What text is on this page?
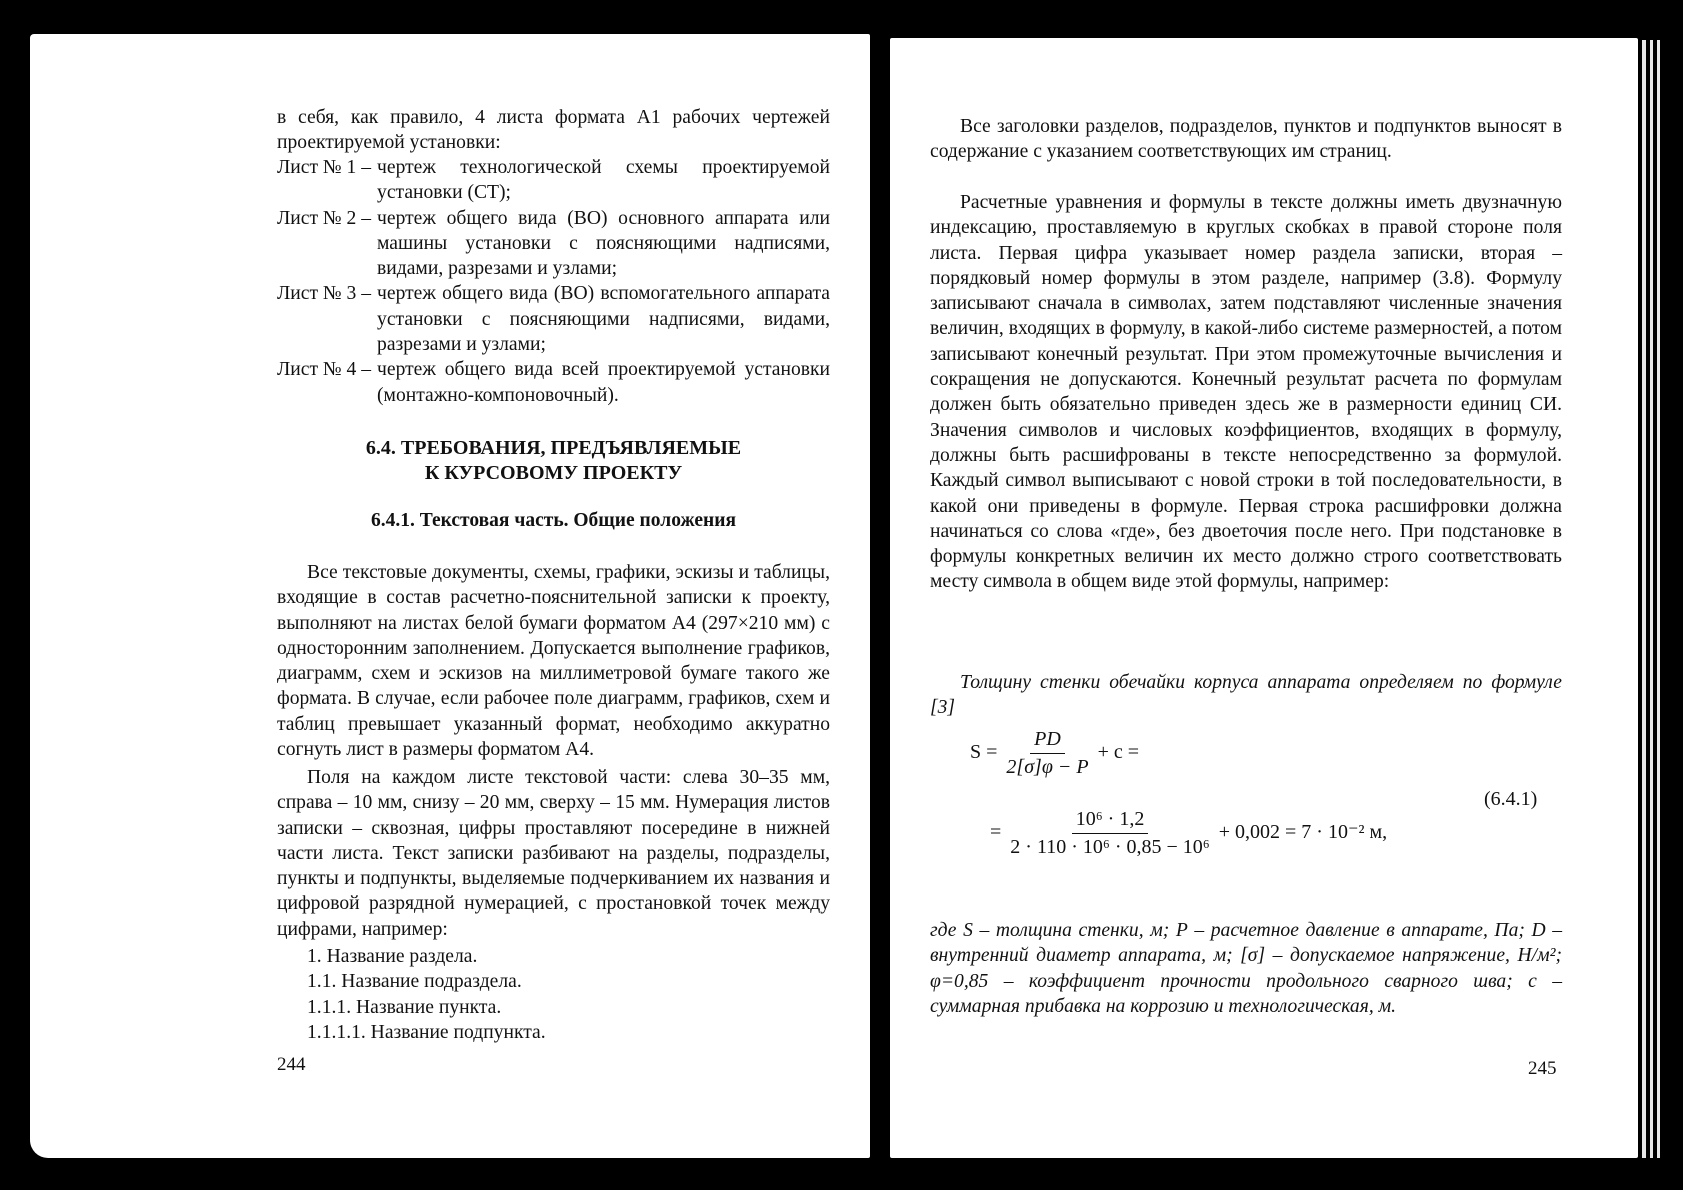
в себя, как правило, 4 листа формата А1 рабочих чертежей проектируемой установки:

Лист № 1 – чертеж технологической схемы проектируемой установки (СТ);
Лист № 2 – чертеж общего вида (ВО) основного аппарата или машины установки с поясняющими надписями, видами, разрезами и узлами;
Лист № 3 – чертеж общего вида (ВО) вспомогательного аппарата установки с поясняющими надписями, видами, разрезами и узлами;
Лист № 4 – чертеж общего вида всей проектируемой установки (монтажно-компоновочный).
6.4. ТРЕБОВАНИЯ, ПРЕДЪЯВЛЯЕМЫЕ
К КУРСОВОМУ ПРОЕКТУ
6.4.1. Текстовая часть. Общие положения

Все текстовые документы, схемы, графики, эскизы и таблицы, входящие в состав расчетно-пояснительной записки к проекту, выполняют на листах белой бумаги форматом А4 (297×210 мм) с односторонним заполнением. Допускается выполнение графиков, диаграмм, схем и эскизов на миллиметровой бумаге такого же формата. В случае, если рабочее поле диаграмм, графиков, схем и таблиц превышает указанный формат, необходимо аккуратно согнуть лист в размеры форматом А4.

Поля на каждом листе текстовой части: слева 30–35 мм, справа – 10 мм, снизу – 20 мм, сверху – 15 мм. Нумерация листов записки – сквозная, цифры проставляют посередине в нижней части листа. Текст записки разбивают на разделы, подразделы, пункты и подпункты, выделяемые подчеркиванием их названия и цифровой разрядной нумерацией, с простановкой точек между цифрами, например:

1. Название раздела.
1.1. Название подраздела.
1.1.1. Название пункта.
1.1.1.1. Название подпункта.
244

Все заголовки разделов, подразделов, пунктов и подпунктов выносят в содержание с указанием соответствующих им страниц.

Расчетные уравнения и формулы в тексте должны иметь двузначную индексацию, проставляемую в круглых скобках в правой стороне поля листа. Первая цифра указывает номер раздела записки, вторая – порядковый номер формулы в этом разделе, например (3.8). Формулу записывают сначала в символах, затем подставляют численные значения величин, входящих в формулу, в какой-либо системе размерностей, а потом записывают конечный результат. При этом промежуточные вычисления и сокращения не допускаются. Конечный результат расчета по формулам должен быть обязательно приведен здесь же в размерности единиц СИ. Значения символов и числовых коэффициентов, входящих в формулу, должны быть расшифрованы в тексте непосредственно за формулой. Каждый символ выписывают с новой строки в той последовательности, в какой они приведены в формуле. Первая строка расшифровки должна начинаться со слова «где», без двоеточия после него. При подстановке в формулы конкретных величин их место должно строго соответствовать месту символа в общем виде этой формулы, например:

Толщину стенки обечайки корпуса аппарата определяем по формуле [3]

$S = \frac{PD}{2[\sigma]\varphi - P} + c$ =
= $\frac{\text{10⁶ · 1,2}}{\text{2 · 110 · 10⁶ · 0,85 − 10⁶}} + 0,002 = 7 \cdot 10^{-2}$ м,
(6.4.1)

где S – толщина стенки, м; Р – расчетное давление в аппарате, Па; D – внутренний диаметр аппарата, м; [σ] – допускаемое напряжение, Н/м²; φ=0,85 – коэффициент прочности продольного сварного шва; с – суммарная прибавка на коррозию и технологическая, м.

245
